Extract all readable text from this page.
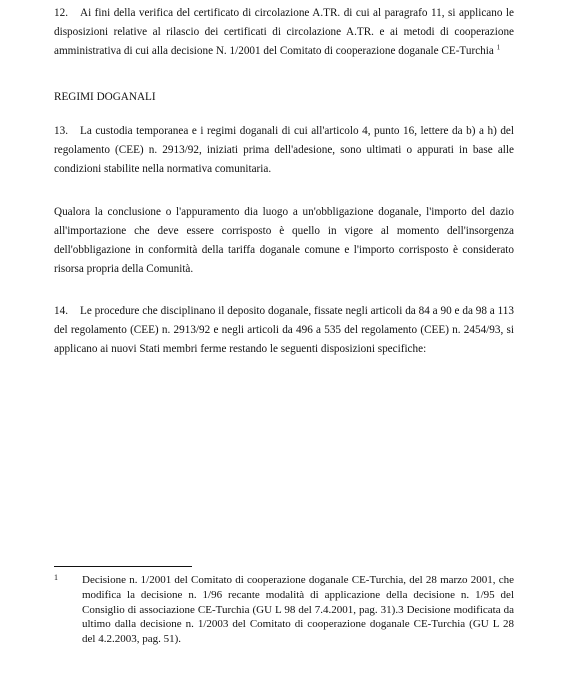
12. Ai fini della verifica del certificato di circolazione A.TR. di cui al paragrafo 11, si applicano le disposizioni relative al rilascio dei certificati di circolazione A.TR. e ai metodi di cooperazione amministrativa di cui alla decisione N. 1/2001 del Comitato di cooperazione doganale CE-Turchia $^1$

REGIMI DOGANALI

13. La custodia temporanea e i regimi doganali di cui all'articolo 4, punto 16, lettere da b) a h) del regolamento (CEE) n. 2913/92, iniziati prima dell'adesione, sono ultimati o appurati in base alle condizioni stabilite nella normativa comunitaria.

Qualora la conclusione o l'appuramento dia luogo a un'obbligazione doganale, l'importo del dazio all'importazione che deve essere corrisposto è quello in vigore al momento dell'insorgenza dell'obbligazione in conformità della tariffa doganale comune e l'importo corrisposto è considerato risorsa propria della Comunità.

14. Le procedure che disciplinano il deposito doganale, fissate negli articoli da 84 a 90 e da 98 a 113 del regolamento (CEE) n. 2913/92 e negli articoli da 496 a 535 del regolamento (CEE) n. 2454/93, si applicano ai nuovi Stati membri ferme restando le seguenti disposizioni specifiche:

1 Decisione n. 1/2001 del Comitato di cooperazione doganale CE-Turchia, del 28 marzo 2001, che modifica la decisione n. 1/96 recante modalità di applicazione della decisione n. 1/95 del Consiglio di associazione CE-Turchia (GU L 98 del 7.4.2001, pag. 31).3 Decisione modificata da ultimo dalla decisione n. 1/2003 del Comitato di cooperazione doganale CE-Turchia (GU L 28 del 4.2.2003, pag. 51).
